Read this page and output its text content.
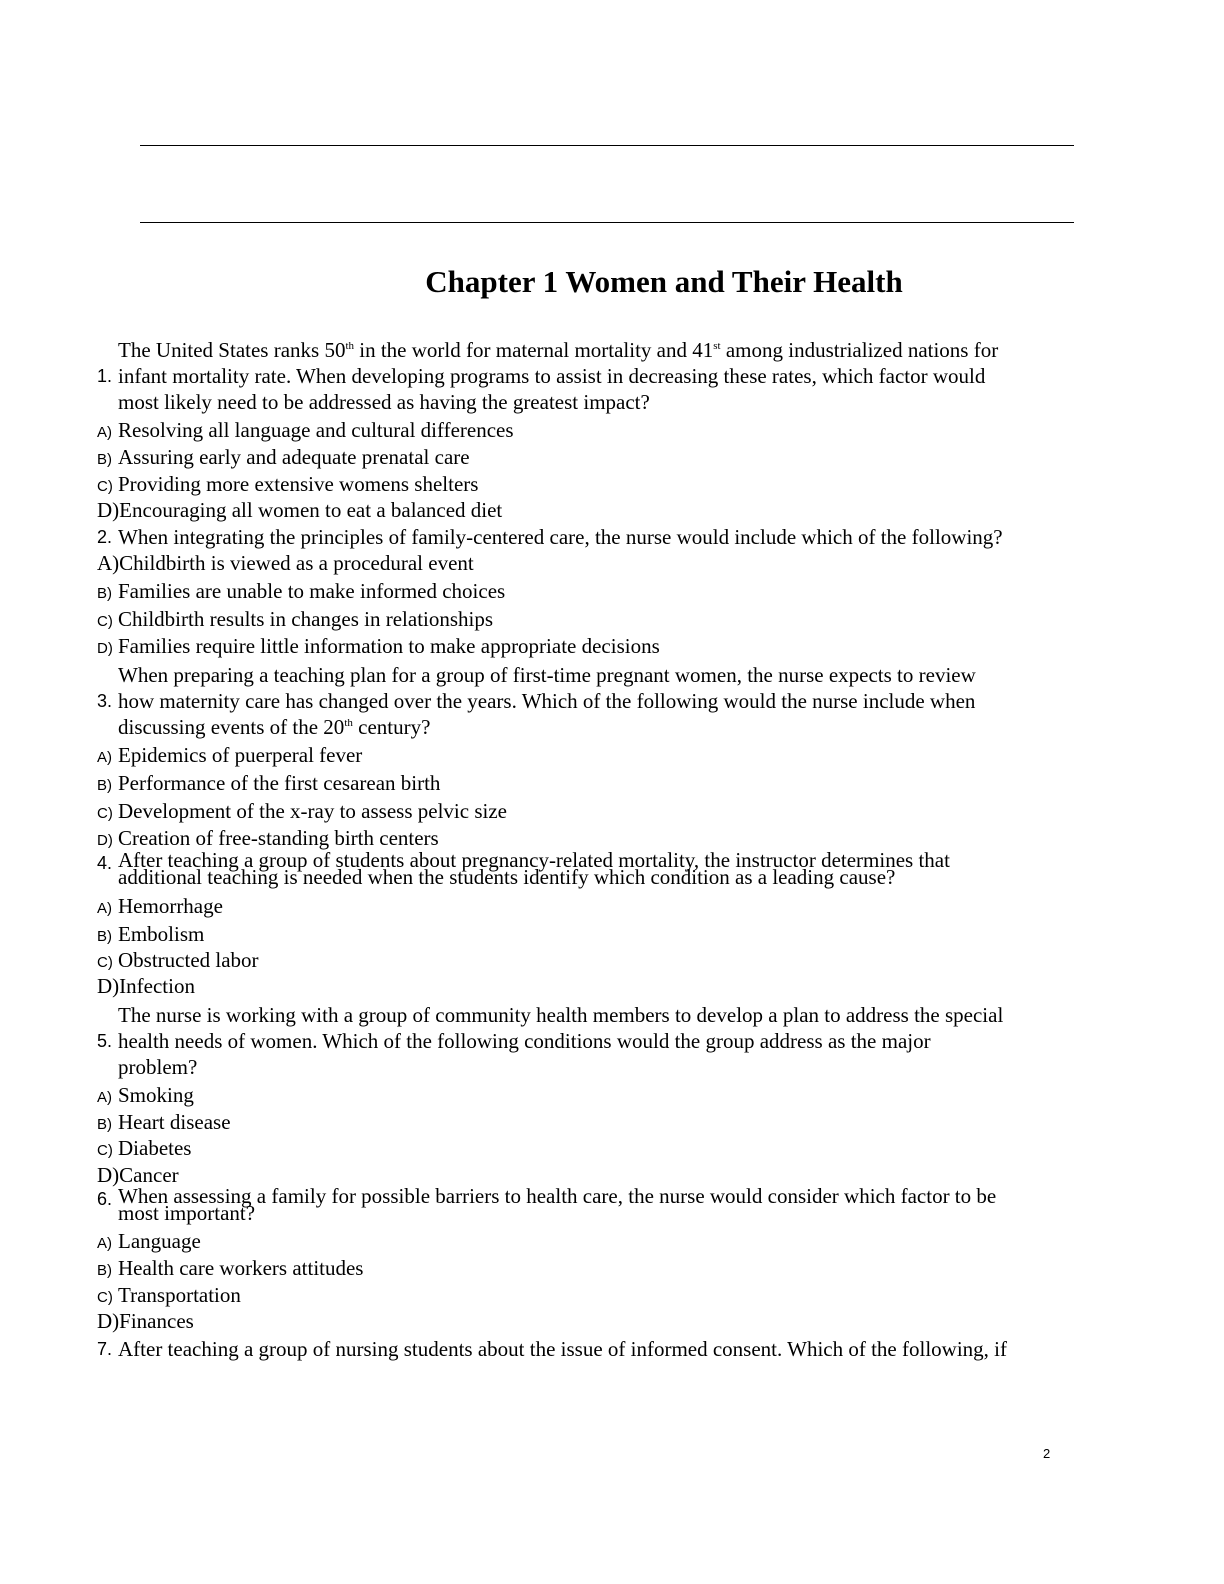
Chapter 1 Women and Their Health
1.
The United States ranks 50th in the world for maternal mortality and 41st among industrialized nations for
infant mortality rate. When developing programs to assist in decreasing these rates, which factor would
most likely need to be addressed as having the greatest impact?
A) Resolving all language and cultural differences
B) Assuring early and adequate prenatal care
C) Providing more extensive womens shelters
D)Encouraging all women to eat a balanced diet
2. When integrating the principles of family-centered care, the nurse would include which of the following?
A)Childbirth is viewed as a procedural event
B) Families are unable to make informed choices
C) Childbirth results in changes in relationships
D) Families require little information to make appropriate decisions
3.
When preparing a teaching plan for a group of first-time pregnant women, the nurse expects to review
how maternity care has changed over the years. Which of the following would the nurse include when
discussing events of the 20th century?
A) Epidemics of puerperal fever
B) Performance of the first cesarean birth
C) Development of the x-ray to assess pelvic size
D) Creation of free-standing birth centers
4. After teaching a group of students about pregnancy-related mortality, the instructor determines that
additional teaching is needed when the students identify which condition as a leading cause?
A) Hemorrhage
B) Embolism
C) Obstructed labor
D)Infection
5.
The nurse is working with a group of community health members to develop a plan to address the special
health needs of women. Which of the following conditions would the group address as the major
problem?
A) Smoking
B) Heart disease
C) Diabetes
D)Cancer
6. When assessing a family for possible barriers to health care, the nurse would consider which factor to be
most important?
A) Language
B) Health care workers attitudes
C) Transportation
D)Finances
7. After teaching a group of nursing students about the issue of informed consent. Which of the following, if
2
